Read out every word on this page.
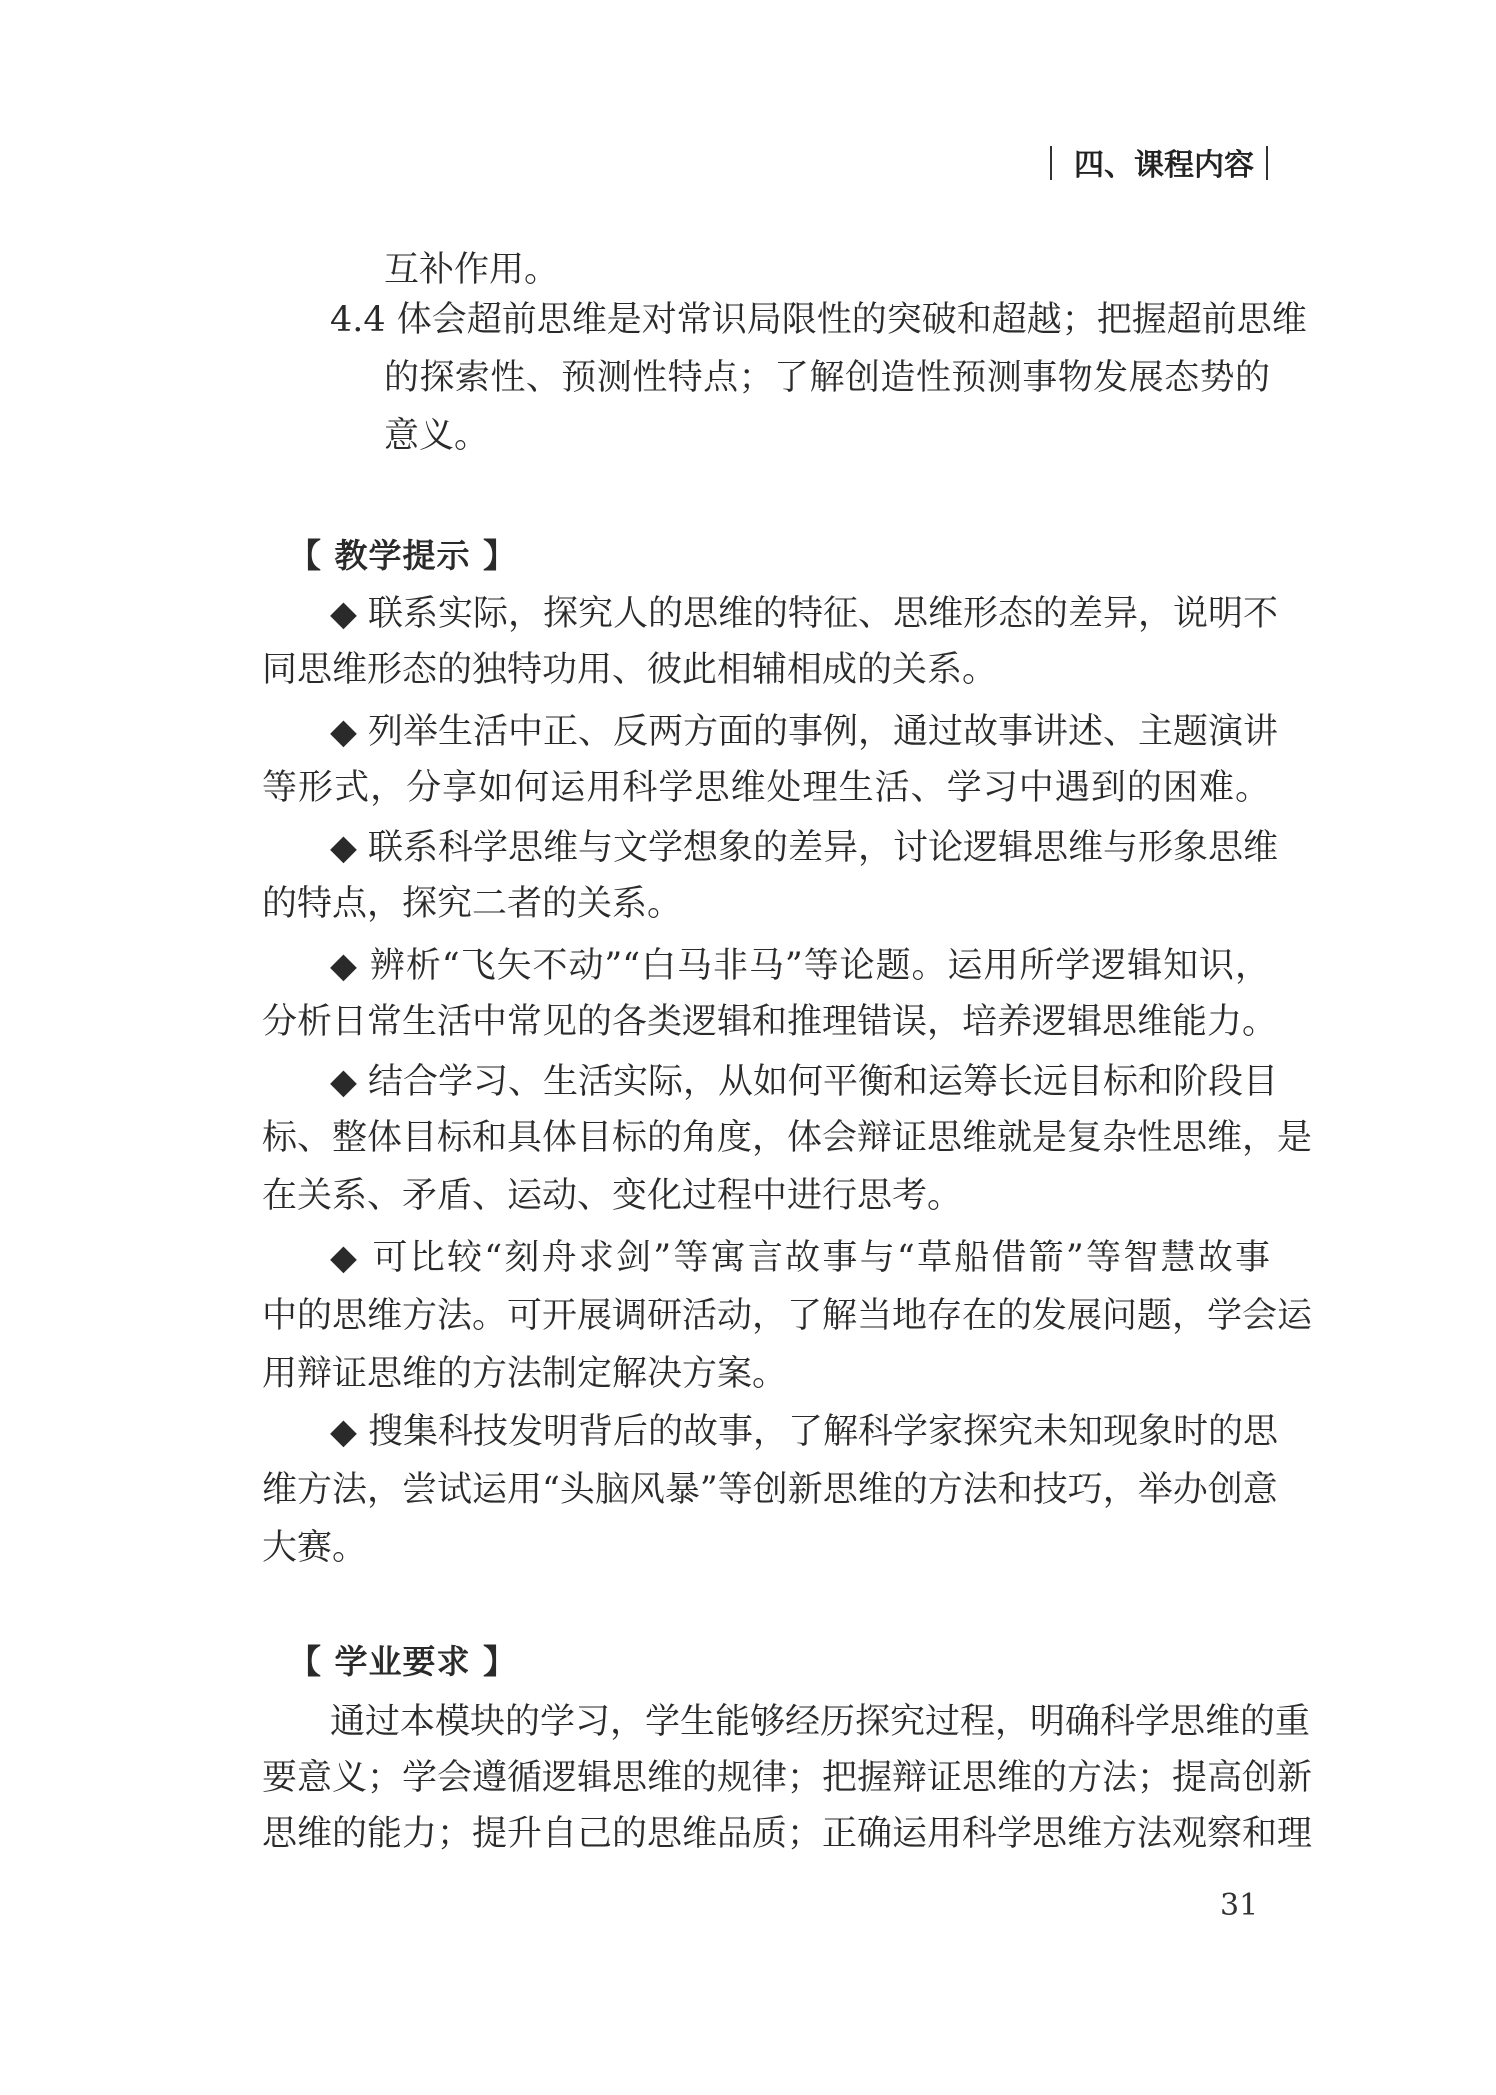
四、课程内容
互补作用。
4.4 体会超前思维是对常识局限性的突破和超越；把握超前思维
的探索性、预测性特点；了解创造性预测事物发展态势的
意义。
【 教学提示 】
◆ 联系实际，探究人的思维的特征、思维形态的差异，说明不
同思维形态的独特功用、彼此相辅相成的关系。
◆ 列举生活中正、反两方面的事例，通过故事讲述、主题演讲
等形式，分享如何运用科学思维处理生活、学习中遇到的困难。
◆ 联系科学思维与文学想象的差异，讨论逻辑思维与形象思维
的特点，探究二者的关系。
◆ 辨析“飞矢不动”“白马非马”等论题。运用所学逻辑知识，
分析日常生活中常见的各类逻辑和推理错误，培养逻辑思维能力。
◆ 结合学习、生活实际，从如何平衡和运筹长远目标和阶段目
标、整体目标和具体目标的角度，体会辩证思维就是复杂性思维，是
在关系、矛盾、运动、变化过程中进行思考。
◆ 可比较“刻舟求剑”等寓言故事与“草船借箭”等智慧故事
中的思维方法。可开展调研活动，了解当地存在的发展问题，学会运
用辩证思维的方法制定解决方案。
◆ 搜集科技发明背后的故事，了解科学家探究未知现象时的思
维方法，尝试运用“头脑风暴”等创新思维的方法和技巧，举办创意
大赛。
【 学业要求 】
通过本模块的学习，学生能够经历探究过程，明确科学思维的重
要意义；学会遵循逻辑思维的规律；把握辩证思维的方法；提高创新
思维的能力；提升自己的思维品质；正确运用科学思维方法观察和理
31
